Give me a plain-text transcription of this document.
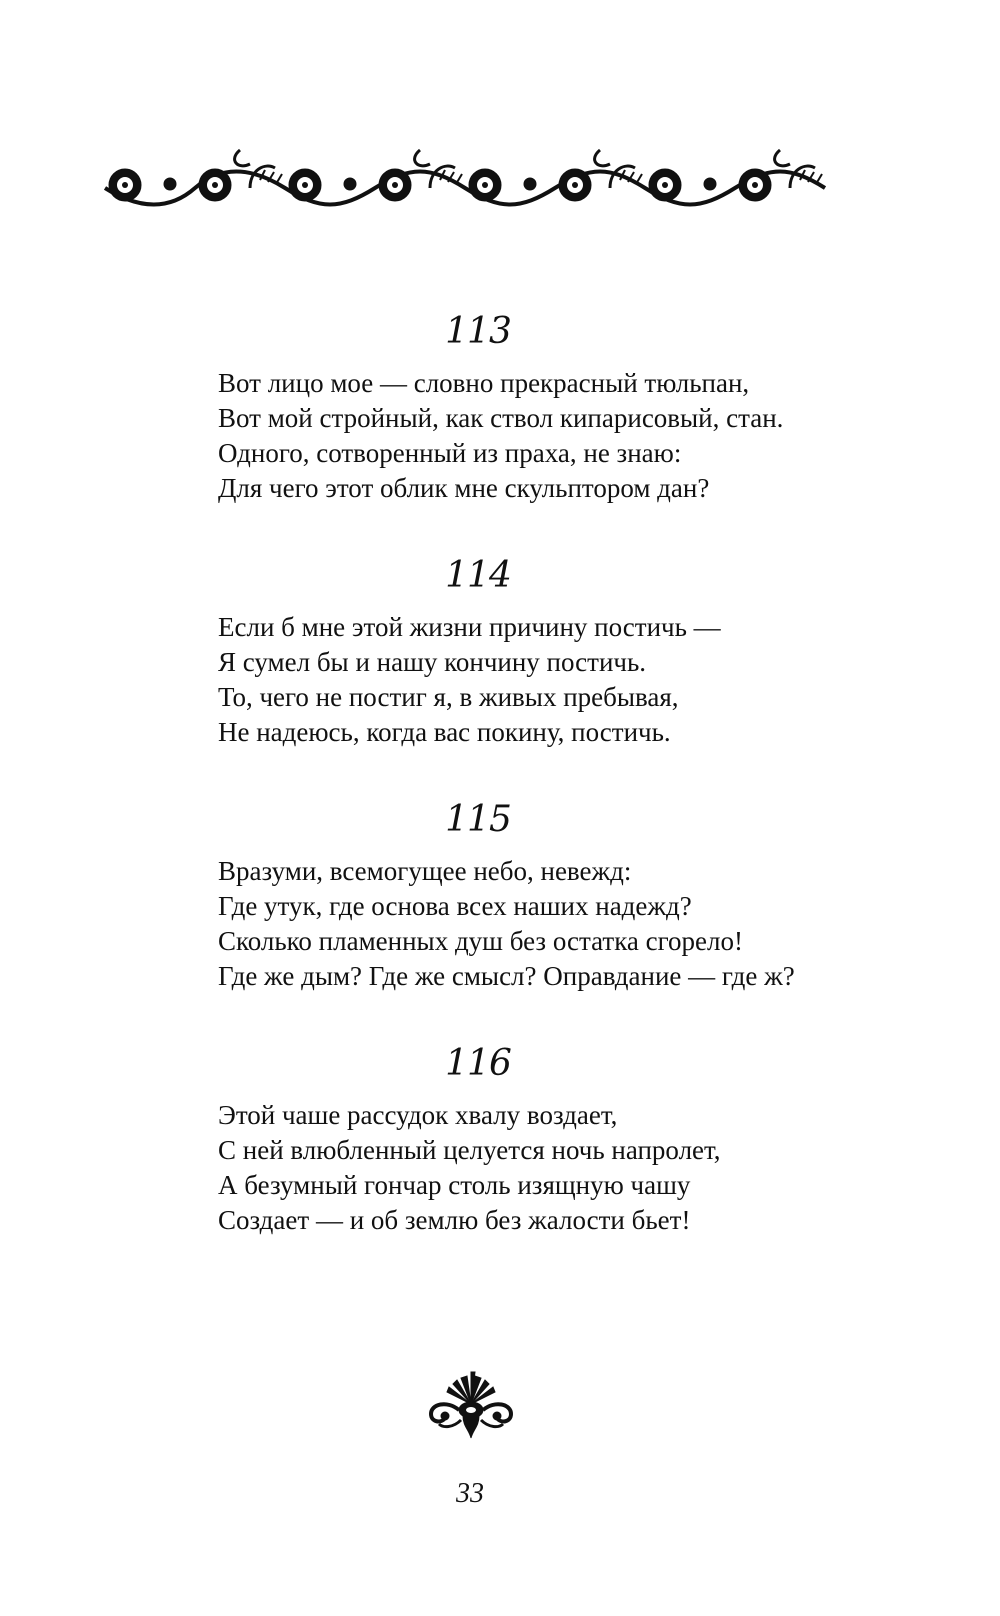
113
Вот лицо мое — словно прекрасный тюльпан,
Вот мой стройный, как ствол кипарисовый, стан.
Одного, сотворенный из праха, не знаю:
Для чего этот облик мне скульптором дан?
114
Если б мне этой жизни причину постичь —
Я сумел бы и нашу кончину постичь.
То, чего не постиг я, в живых пребывая,
Не надеюсь, когда вас покину, постичь.
115
Вразуми, всемогущее небо, невежд:
Где утук, где основа всех наших надежд?
Сколько пламенных душ без остатка сгорело!
Где же дым? Где же смысл? Оправдание — где ж?
116
Этой чаше рассудок хвалу воздает,
С ней влюбленный целуется ночь напролет,
А безумный гончар столь изящную чашу
Создает — и об землю без жалости бьет!
33
